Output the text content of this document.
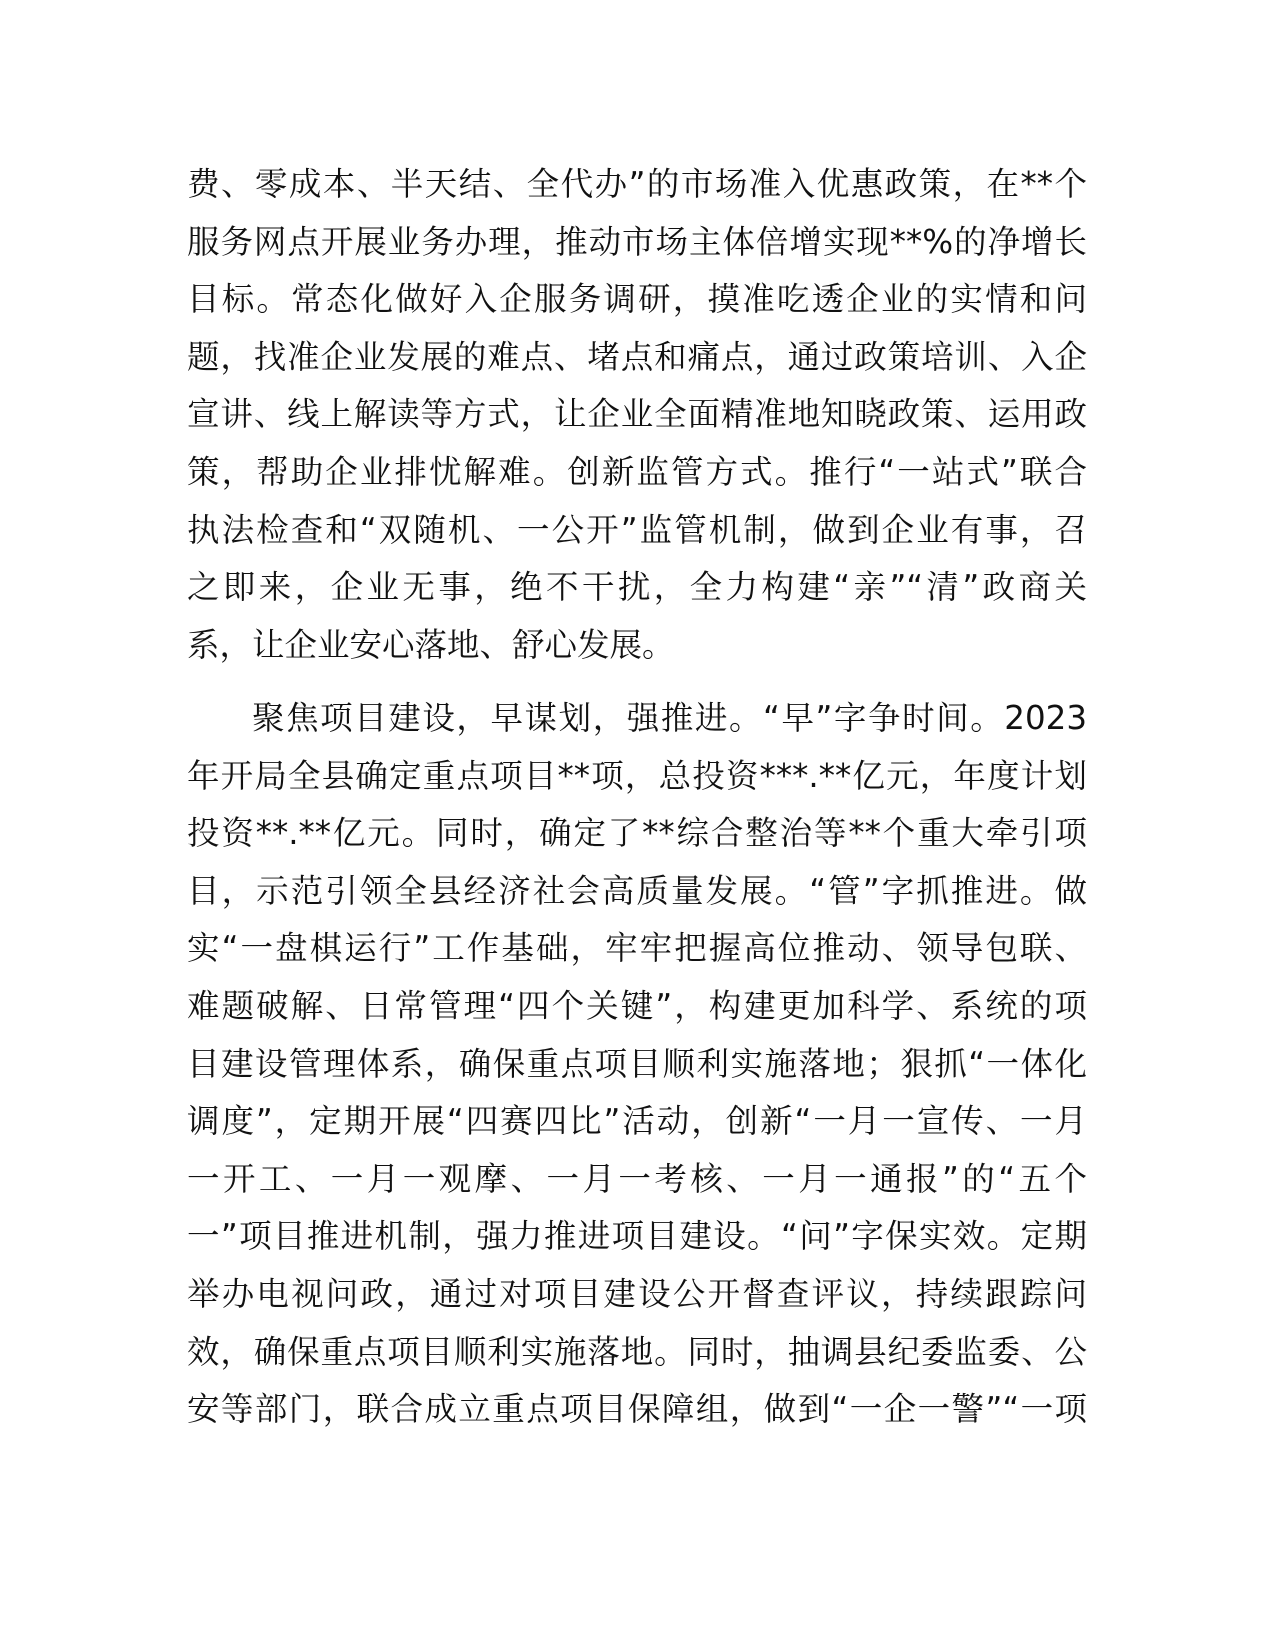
费、零成本、半天结、全代办”的市场准入优惠政策，在**个
服务网点开展业务办理，推动市场主体倍增实现**%的净增长
目标。常态化做好入企服务调研，摸准吃透企业的实情和问
题，找准企业发展的难点、堵点和痛点，通过政策培训、入企
宣讲、线上解读等方式，让企业全面精准地知晓政策、运用政
策，帮助企业排忧解难。创新监管方式。推行“一站式”联合
执法检查和“双随机、一公开”监管机制，做到企业有事，召
之即来，企业无事，绝不干扰，全力构建“亲”“清”政商关
系，让企业安心落地、舒心发展。
聚焦项目建设，早谋划，强推进。“早”字争时间。2023
年开局全县确定重点项目**项，总投资***.**亿元，年度计划
投资**.**亿元。同时，确定了**综合整治等**个重大牵引项
目，示范引领全县经济社会高质量发展。“管”字抓推进。做
实“一盘棋运行”工作基础，牢牢把握高位推动、领导包联、
难题破解、日常管理“四个关键”，构建更加科学、系统的项
目建设管理体系，确保重点项目顺利实施落地；狠抓“一体化
调度”，定期开展“四赛四比”活动，创新“一月一宣传、一月
一开工、一月一观摩、一月一考核、一月一通报”的“五个
一”项目推进机制，强力推进项目建设。“问”字保实效。定期
举办电视问政，通过对项目建设公开督查评议，持续跟踪问
效，确保重点项目顺利实施落地。同时，抽调县纪委监委、公
安等部门，联合成立重点项目保障组，做到“一企一警”“一项
